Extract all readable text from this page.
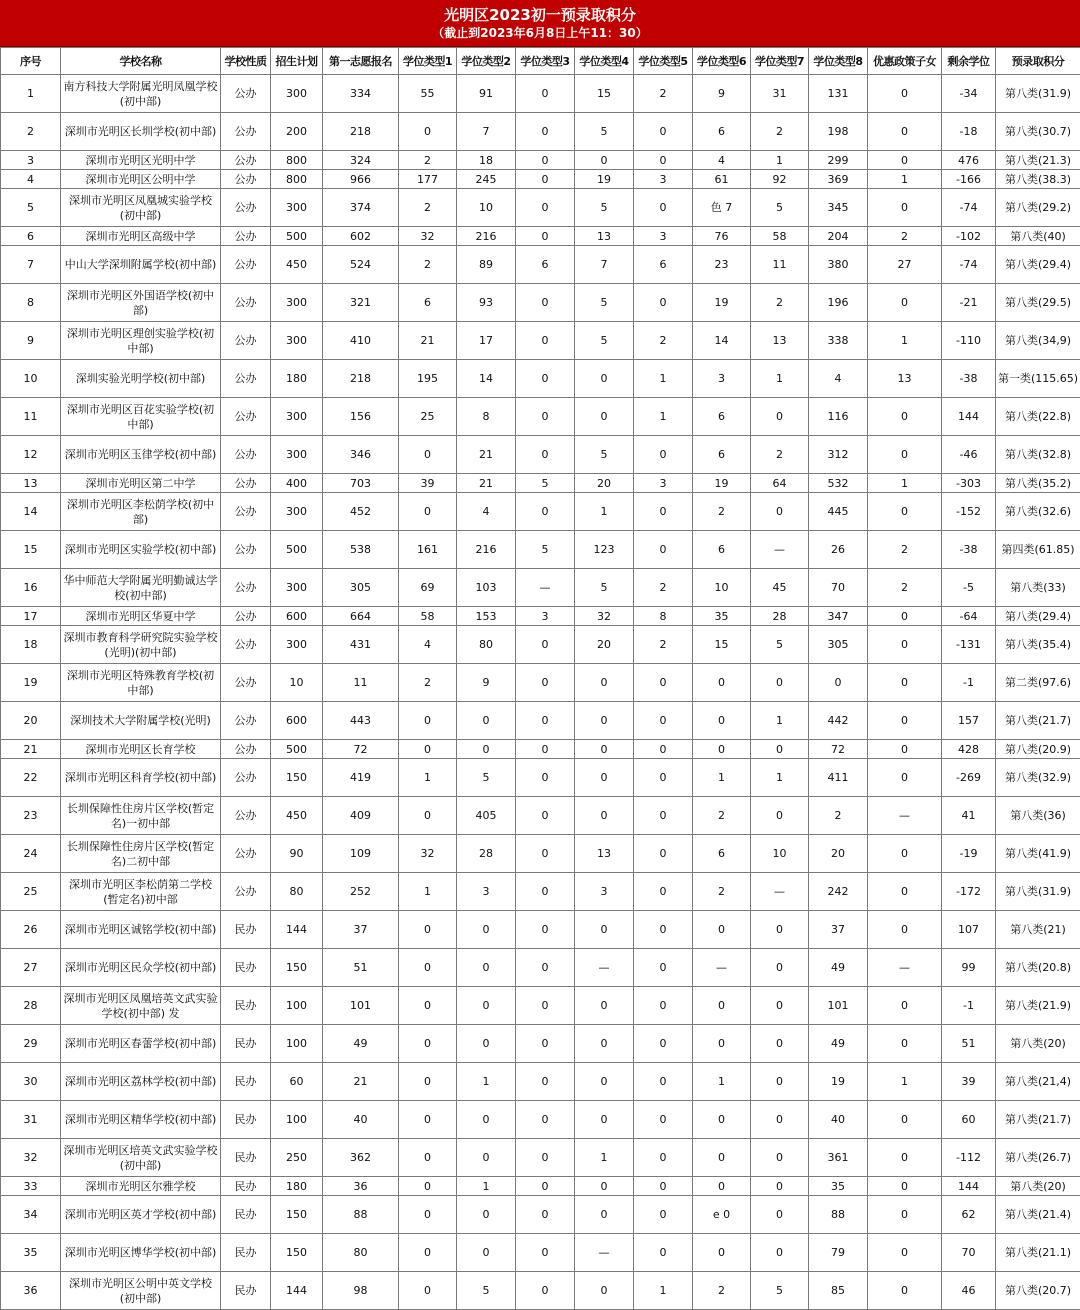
光明区2023初一预录取积分
（截止到2023年6月8日上午11：30）
序号	学校名称	学校性质	招生计划	第一志愿报名	学位类型1	学位类型2	学位类型3	学位类型4	学位类型5	学位类型6	学位类型7	学位类型8	优惠政策子女	剩余学位	预录取积分
1	南方科技大学附属光明凤凰学校(初中部)	公办	300	334	55	91	0	15	2	9	31	131	0	-34	第八类(31.9)
2	深圳市光明区长圳学校(初中部)	公办	200	218	0	7	0	5	0	6	2	198	0	-18	第八类(30.7)
3	深圳市光明区光明中学	公办	800	324	2	18	0	0	0	4	1	299	0	476	第八类(21.3)
4	深圳市光明区公明中学	公办	800	966	177	245	0	19	3	61	92	369	1	-166	第八类(38.3)
5	深圳市光明区凤凰城实验学校(初中部)	公办	300	374	2	10	0	5	0	色 7	5	345	0	-74	第八类(29.2)
6	深圳市光明区高级中学	公办	500	602	32	216	0	13	3	76	58	204	2	-102	第八类(40)
7	中山大学深圳附属学校(初中部)	公办	450	524	2	89	6	7	6	23	11	380	27	-74	第八类(29.4)
8	深圳市光明区外国语学校(初中部)	公办	300	321	6	93	0	5	0	19	2	196	0	-21	第八类(29.5)
9	深圳市光明区理创实验学校(初中部)	公办	300	410	21	17	0	5	2	14	13	338	1	-110	第八类(34,9)
10	深圳实验光明学校(初中部)	公办	180	218	195	14	0	0	1	3	1	4	13	-38	第一类(115.65)
11	深圳市光明区百花实验学校(初中部)	公办	300	156	25	8	0	0	1	6	0	116	0	144	第八类(22.8)
12	深圳市光明区玉律学校(初中部)	公办	300	346	0	21	0	5	0	6	2	312	0	-46	第八类(32.8)
13	深圳市光明区第二中学	公办	400	703	39	21	5	20	3	19	64	532	1	-303	第八类(35.2)
14	深圳市光明区李松荫学校(初中部)	公办	300	452	0	4	0	1	0	2	0	445	0	-152	第八类(32.6)
15	深圳市光明区实验学校(初中部)	公办	500	538	161	216	5	123	0	6	—	26	2	-38	第四类(61.85)
16	华中师范大学附属光明勤诚达学校(初中部)	公办	300	305	69	103	—	5	2	10	45	70	2	-5	第八类(33)
17	深圳市光明区华夏中学	公办	600	664	58	153	3	32	8	35	28	347	0	-64	第八类(29.4)
18	深圳市教育科学研究院实验学校(光明)(初中部)	公办	300	431	4	80	0	20	2	15	5	305	0	-131	第八类(35.4)
19	深圳市光明区特殊教育学校(初中部)	公办	10	11	2	9	0	0	0	0	0	0	0	-1	第二类(97.6)
20	深圳技术大学附属学校(光明)	公办	600	443	0	0	0	0	0	0	1	442	0	157	第八类(21.7)
21	深圳市光明区长育学校	公办	500	72	0	0	0	0	0	0	0	72	0	428	第八类(20.9)
22	深圳市光明区科育学校(初中部)	公办	150	419	1	5	0	0	0	1	1	411	0	-269	第八类(32.9)
23	长圳保障性住房片区学校(暂定名)一初中部	公办	450	409	0	405	0	0	0	2	0	2	—	41	第八类(36)
24	长圳保障性住房片区学校(暂定名)二初中部	公办	90	109	32	28	0	13	0	6	10	20	0	-19	第八类(41.9)
25	深圳市光明区李松荫第二学校(暂定名)初中部	公办	80	252	1	3	0	3	0	2	—	242	0	-172	第八类(31.9)
26	深圳市光明区诚铭学校(初中部)	民办	144	37	0	0	0	0	0	0	0	37	0	107	第八类(21)
27	深圳市光明区民众学校(初中部)	民办	150	51	0	0	0	—	0	—	0	49	—	99	第八类(20.8)
28	深圳市光明区凤凰培英文武实验学校(初中部) 发	民办	100	101	0	0	0	0	0	0	0	101	0	-1	第八类(21.9)
29	深圳市光明区春蕾学校(初中部)	民办	100	49	0	0	0	0	0	0	0	49	0	51	第八类(20)
30	深圳市光明区荔林学校(初中部)	民办	60	21	0	1	0	0	0	1	0	19	1	39	第八类(21,4)
31	深圳市光明区精华学校(初中部)	民办	100	40	0	0	0	0	0	0	0	40	0	60	第八类(21.7)
32	深圳市光明区培英文武实验学校(初中部)	民办	250	362	0	0	0	1	0	0	0	361	0	-112	第八类(26.7)
33	深圳市光明区尔雅学校	民办	180	36	0	1	0	0	0	0	0	35	0	144	第八类(20)
34	深圳市光明区英才学校(初中部)	民办	150	88	0	0	0	0	0	e 0	0	88	0	62	第八类(21.4)
35	深圳市光明区博华学校(初中部)	民办	150	80	0	0	0	—	0	0	0	79	0	70	第八类(21.1)
36	深圳市光明区公明中英文学校(初中部)	民办	144	98	0	5	0	0	1	2	5	85	0	46	第八类(20.7)
